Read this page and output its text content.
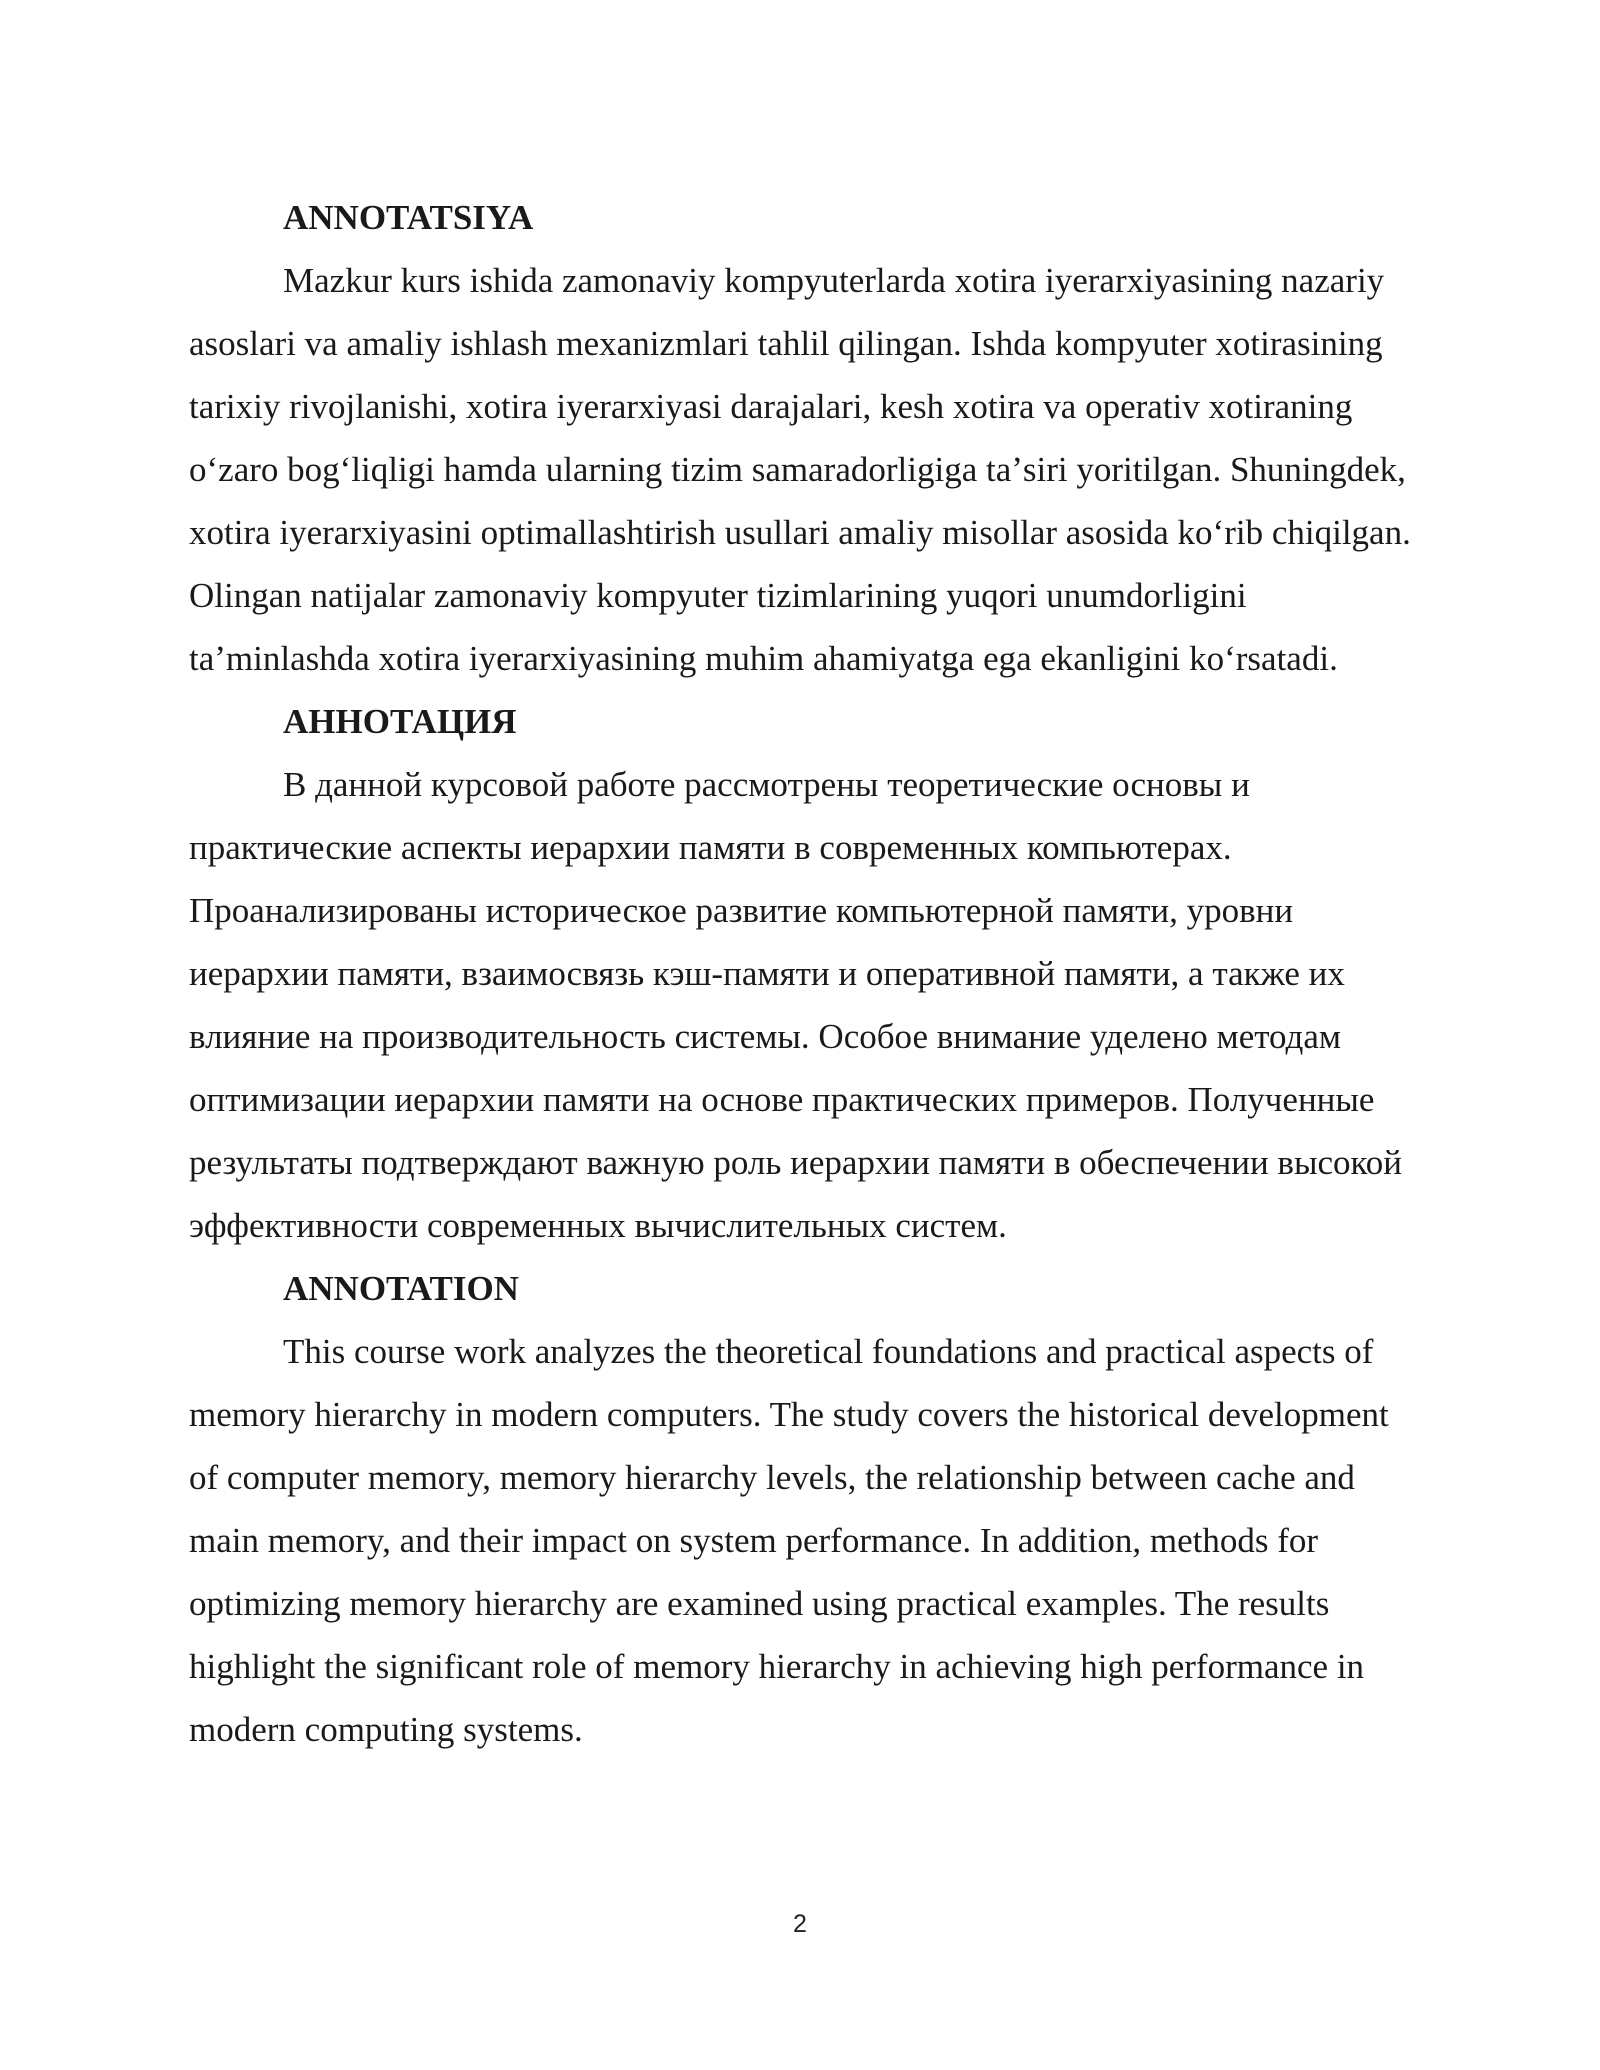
ANNOTATSIYA

Mazkur kurs ishida zamonaviy kompyuterlarda xotira iyerarxiyasining nazariy asoslari va amaliy ishlash mexanizmlari tahlil qilingan. Ishda kompyuter xotirasining tarixiy rivojlanishi, xotira iyerarxiyasi darajalari, kesh xotira va operativ xotiraning oʻzaro bogʻliqligi hamda ularning tizim samaradorligiga taʼsiri yoritilgan. Shuningdek, xotira iyerarxiyasini optimallashtirish usullari amaliy misollar asosida koʻrib chiqilgan. Olingan natijalar zamonaviy kompyuter tizimlarining yuqori unumdorligini taʼminlashda xotira iyerarxiyasining muhim ahamiyatga ega ekanligini koʻrsatadi.

АННОТАЦИЯ

В данной курсовой работе рассмотрены теоретические основы и практические аспекты иерархии памяти в современных компьютерах. Проанализированы историческое развитие компьютерной памяти, уровни иерархии памяти, взаимосвязь кэш-памяти и оперативной памяти, а также их влияние на производительность системы. Особое внимание уделено методам оптимизации иерархии памяти на основе практических примеров. Полученные результаты подтверждают важную роль иерархии памяти в обеспечении высокой эффективности современных вычислительных систем.

ANNOTATION

This course work analyzes the theoretical foundations and practical aspects of memory hierarchy in modern computers. The study covers the historical development of computer memory, memory hierarchy levels, the relationship between cache and main memory, and their impact on system performance. In addition, methods for optimizing memory hierarchy are examined using practical examples. The results highlight the significant role of memory hierarchy in achieving high performance in modern computing systems.

2
